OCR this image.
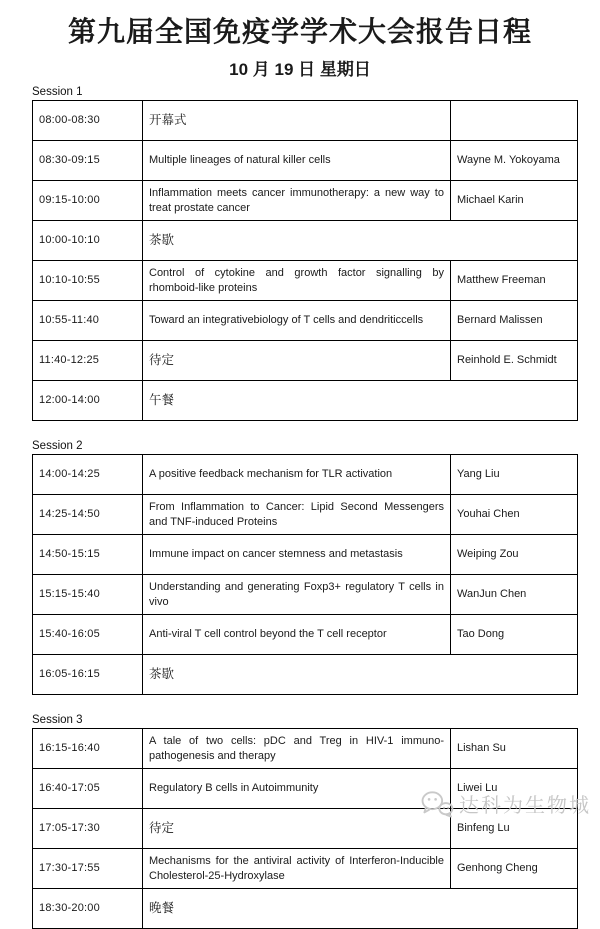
第九届全国免疫学学术大会报告日程
10 月 19 日 星期日
Session 1
08:00-08:30	开幕式	
08:30-09:15	Multiple lineages of natural killer cells	Wayne M. Yokoyama
09:15-10:00	Inflammation meets cancer immunotherapy: a new way to treat prostate cancer	Michael Karin
10:00-10:10	茶歇	
10:10-10:55	Control of cytokine and growth factor signalling by rhomboid-like proteins	Matthew Freeman
10:55-11:40	Toward an integrativebiology of T cells and dendriticcells	Bernard Malissen
11:40-12:25	待定	Reinhold E. Schmidt
12:00-14:00	午餐	
Session 2
14:00-14:25	A positive feedback mechanism for TLR activation	Yang Liu
14:25-14:50	From Inflammation to Cancer: Lipid Second Messengers and TNF-induced Proteins	Youhai Chen
14:50-15:15	Immune impact on cancer stemness and metastasis	Weiping Zou
15:15-15:40	Understanding and generating Foxp3+ regulatory T cells in vivo	WanJun Chen
15:40-16:05	Anti-viral T cell control beyond the T cell receptor	Tao Dong
16:05-16:15	茶歇	
Session 3
16:15-16:40	A tale of two cells: pDC and Treg in HIV-1 immuno-pathogenesis and therapy	Lishan Su
16:40-17:05	Regulatory B cells in Autoimmunity	Liwei Lu
17:05-17:30	待定	Binfeng Lu
17:30-17:55	Mechanisms for the antiviral activity of Interferon-Inducible Cholesterol-25-Hydroxylase	Genhong Cheng
18:30-20:00	晚餐	
达科为生物城
